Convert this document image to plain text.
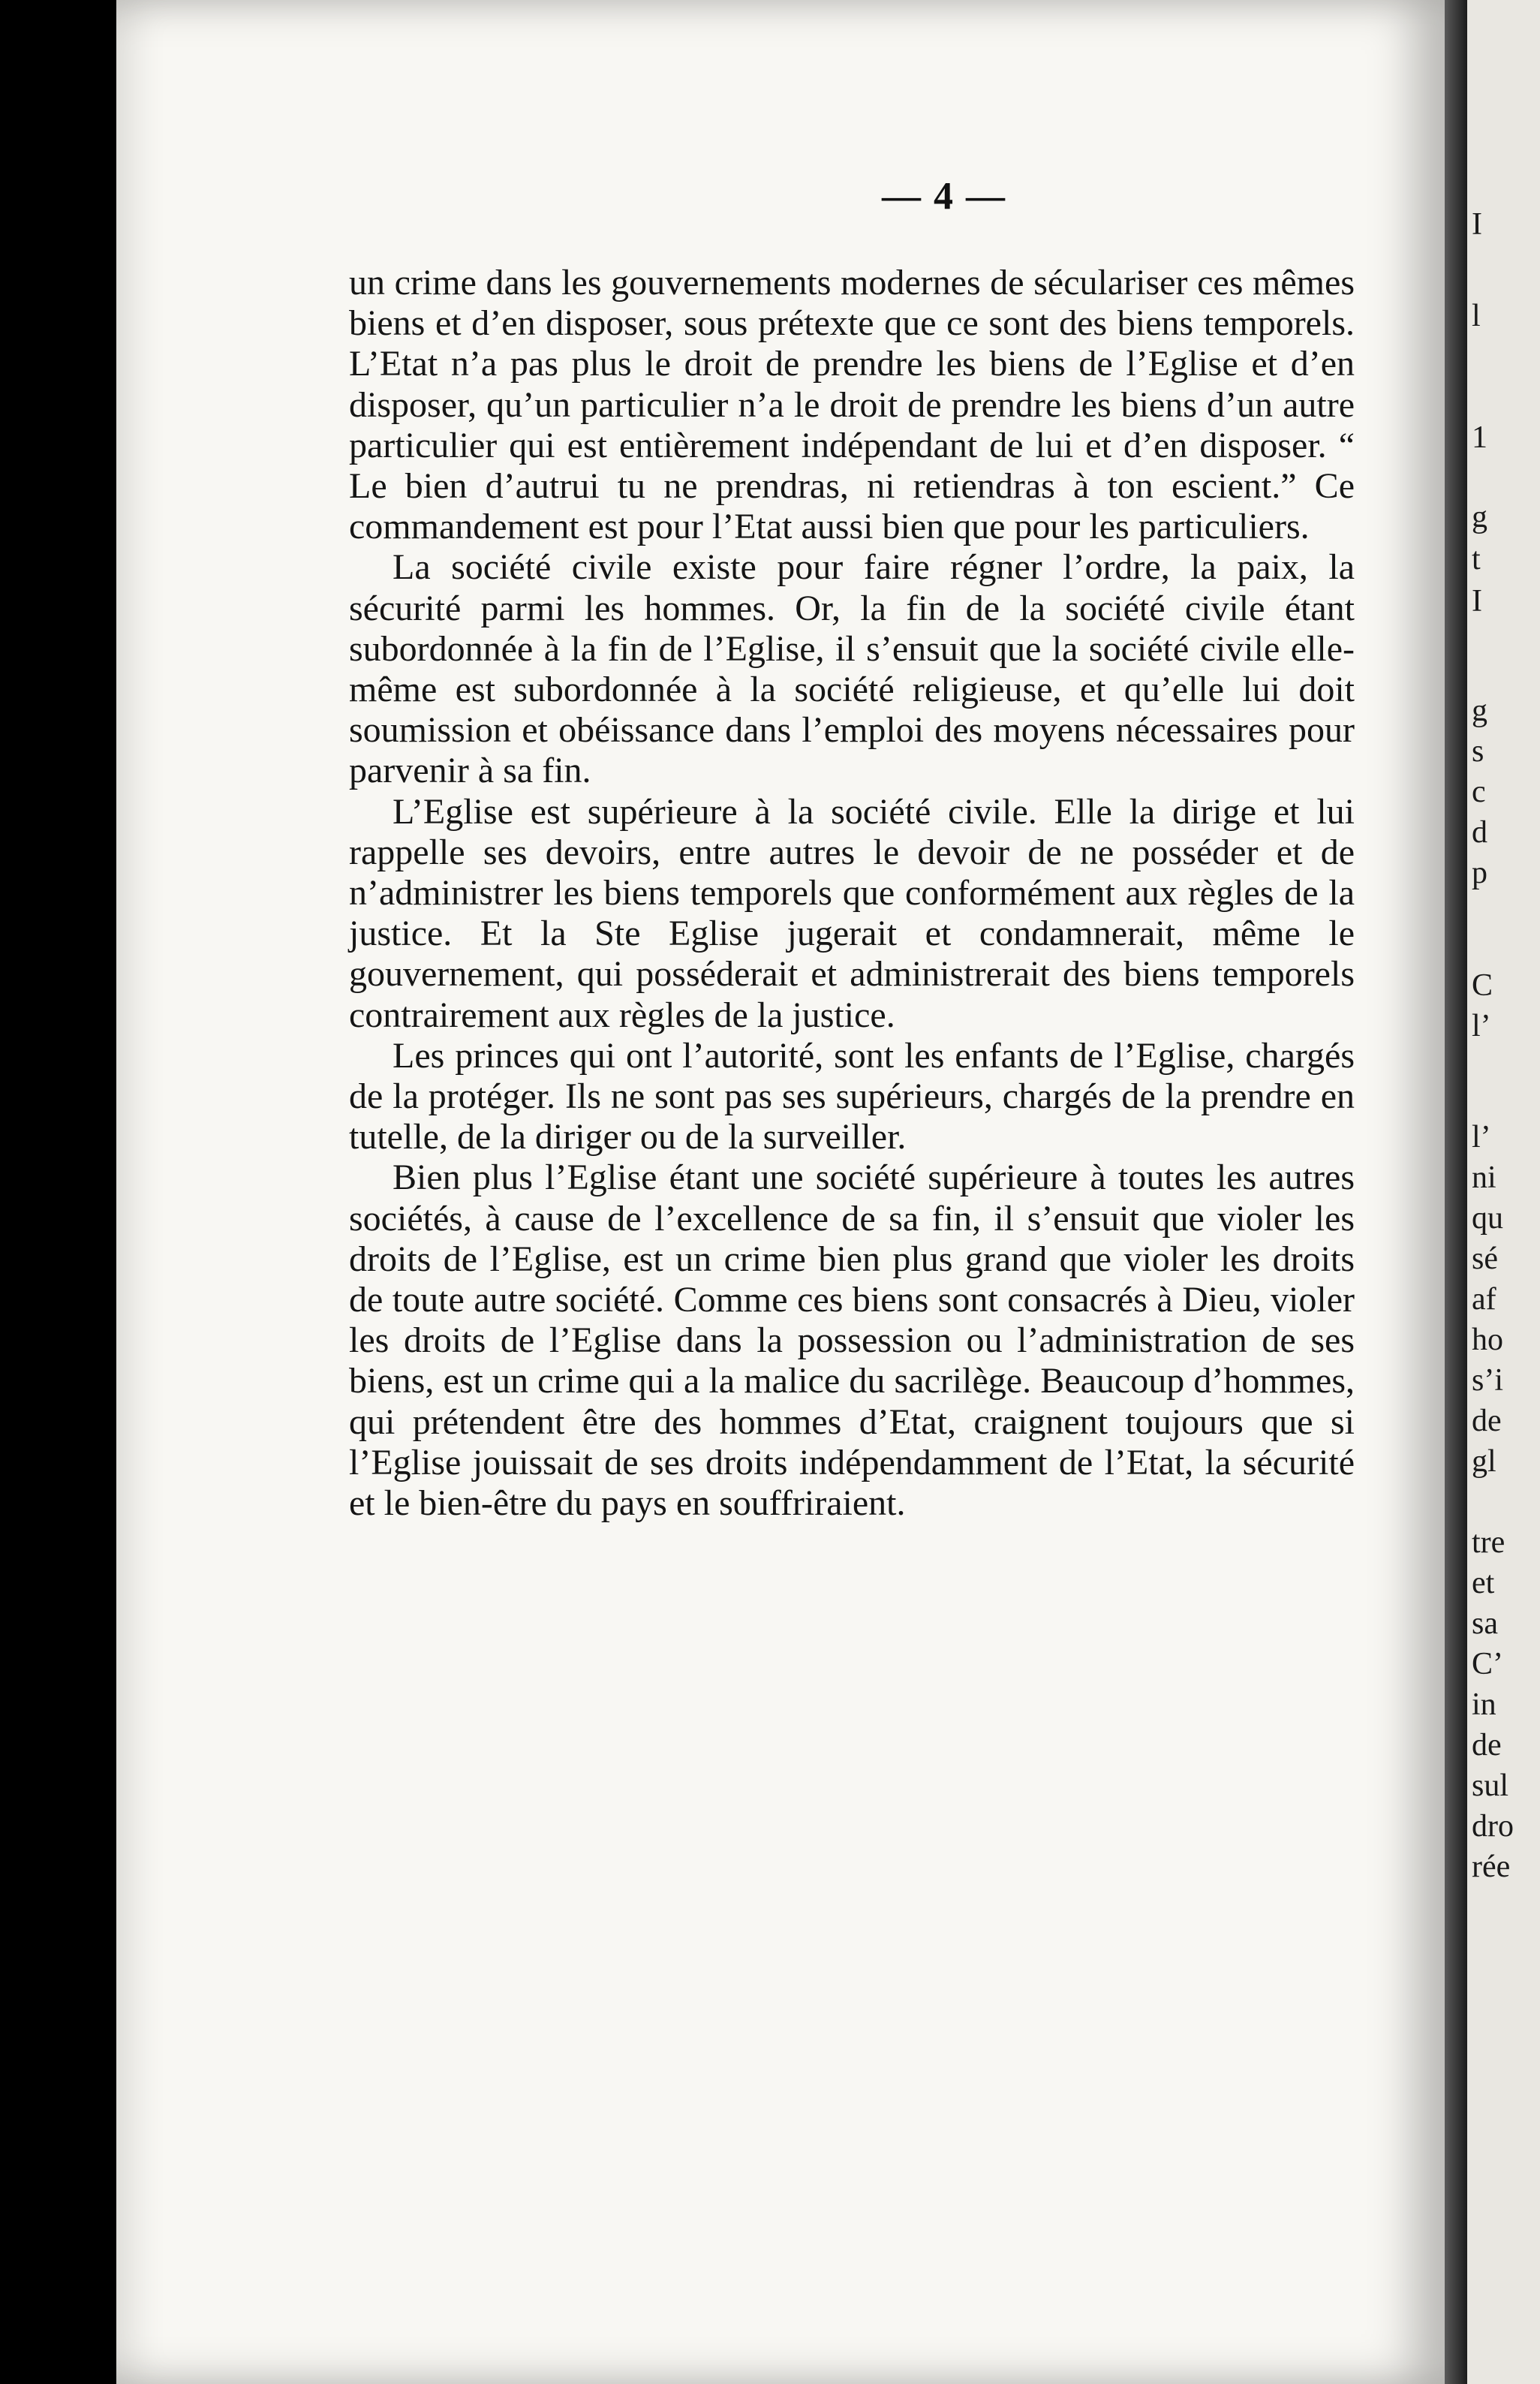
— 4 —

un crime dans les gouvernements modernes de séculariser ces mêmes biens et d’en disposer, sous prétexte que ce sont des biens temporels. L’Etat n’a pas plus le droit de prendre les biens de l’Eglise et d’en disposer, qu’un particulier n’a le droit de prendre les biens d’un autre particulier qui est entièrement indépendant de lui et d’en disposer. “ Le bien d’autrui tu ne prendras, ni retiendras à ton escient.” Ce commandement est pour l’Etat aussi bien que pour les particuliers.

La société civile existe pour faire régner l’ordre, la paix, la sécurité parmi les hommes. Or, la fin de la société civile étant subordonnée à la fin de l’Eglise, il s’ensuit que la société civile elle-même est subordonnée à la société religieuse, et qu’elle lui doit soumission et obéissance dans l’emploi des moyens nécessaires pour parvenir à sa fin.

L’Eglise est supérieure à la société civile. Elle la dirige et lui rappelle ses devoirs, entre autres le devoir de ne posséder et de n’administrer les biens temporels que conformément aux règles de la justice. Et la Ste Eglise jugerait et condamnerait, même le gouvernement, qui posséderait et administrerait des biens temporels contrairement aux règles de la justice.

Les princes qui ont l’autorité, sont les enfants de l’Eglise, chargés de la protéger. Ils ne sont pas ses supérieurs, chargés de la prendre en tutelle, de la diriger ou de la surveiller.

Bien plus l’Eglise étant une société supérieure à toutes les autres sociétés, à cause de l’excellence de sa fin, il s’ensuit que violer les droits de l’Eglise, est un crime bien plus grand que violer les droits de toute autre société. Comme ces biens sont consacrés à Dieu, violer les droits de l’Eglise dans la possession ou l’administration de ses biens, est un crime qui a la malice du sacrilège. Beaucoup d’hommes, qui prétendent être des hommes d’Etat, craignent toujours que si l’Eglise jouissait de ses droits indépendamment de l’Etat, la sécurité et le bien-être du pays en souffriraient.

I
l
1
g
t
I
g
s
c
d
p
C
l’
l’
ni
qu
sé
af
ho
s’i
de
gl
tre
et
sa
C’
in
de
sul
dro
rée
